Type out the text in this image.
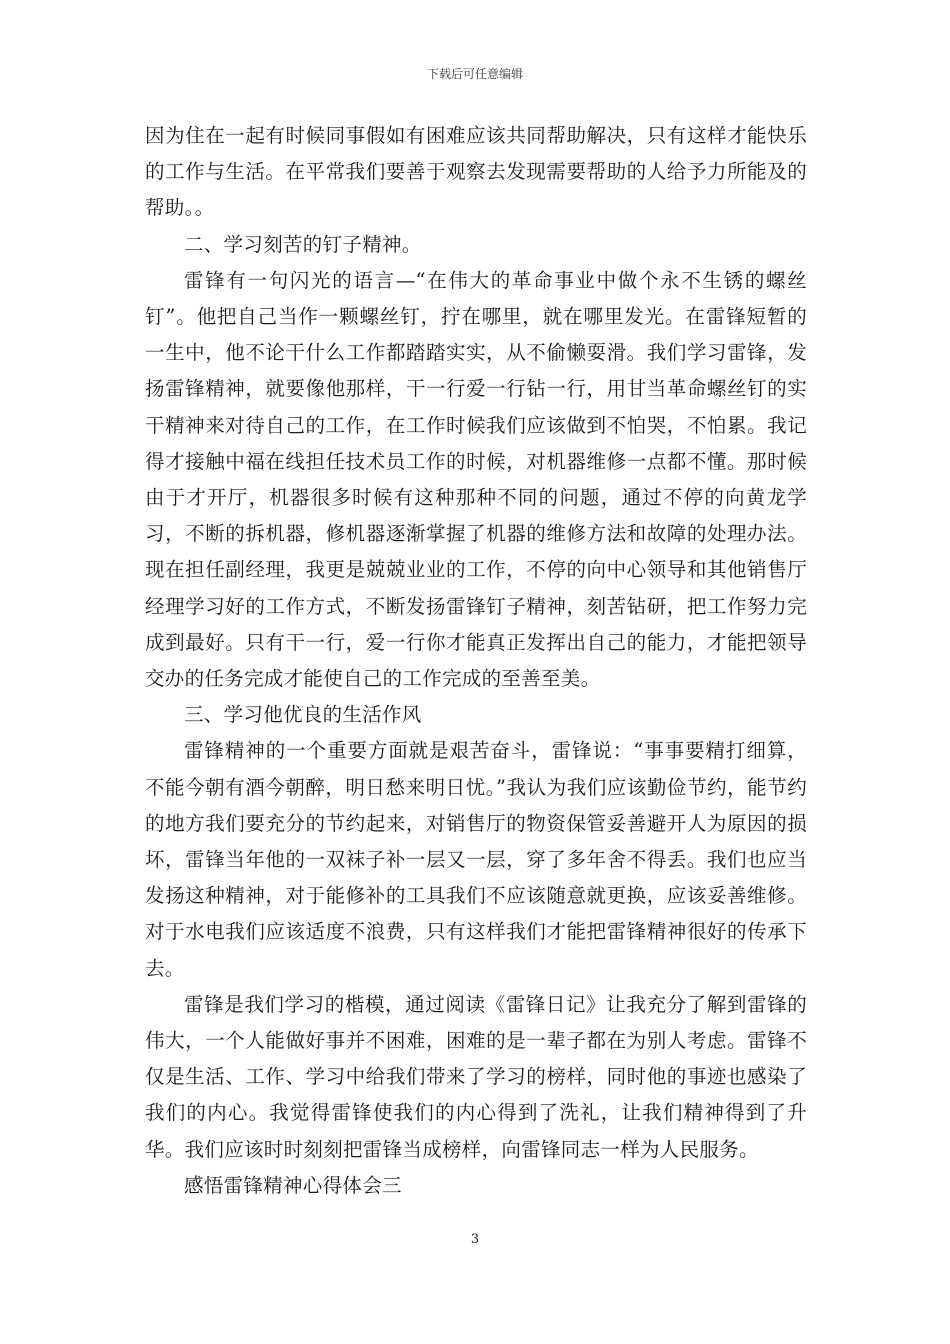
下载后可任意编辑

因为住在一起有时候同事假如有困难应该共同帮助解决，只有这样才能快乐的工作与生活。在平常我们要善于观察去发现需要帮助的人给予力所能及的帮助。。

二、学习刻苦的钉子精神。

雷锋有一句闪光的语言—“在伟大的革命事业中做个永不生锈的螺丝钉”。他把自己当作一颗螺丝钉，拧在哪里，就在哪里发光。在雷锋短暂的一生中，他不论干什么工作都踏踏实实，从不偷懒耍滑。我们学习雷锋，发扬雷锋精神，就要像他那样，干一行爱一行钻一行，用甘当革命螺丝钉的实干精神来对待自己的工作，在工作时候我们应该做到不怕哭，不怕累。我记得才接触中福在线担任技术员工作的时候，对机器维修一点都不懂。那时候由于才开厅，机器很多时候有这种那种不同的问题，通过不停的向黄龙学习，不断的拆机器，修机器逐渐掌握了机器的维修方法和故障的处理办法。现在担任副经理，我更是兢兢业业的工作，不停的向中心领导和其他销售厅经理学习好的工作方式，不断发扬雷锋钉子精神，刻苦钻研，把工作努力完成到最好。只有干一行，爱一行你才能真正发挥出自己的能力，才能把领导交办的任务完成才能使自己的工作完成的至善至美。

三、学习他优良的生活作风

雷锋精神的一个重要方面就是艰苦奋斗，雷锋说：“事事要精打细算，不能今朝有酒今朝醉，明日愁来明日忧。”我认为我们应该勤俭节约，能节约的地方我们要充分的节约起来，对销售厅的物资保管妥善避开人为原因的损坏，雷锋当年他的一双袜子补一层又一层，穿了多年舍不得丢。我们也应当发扬这种精神，对于能修补的工具我们不应该随意就更换，应该妥善维修。对于水电我们应该适度不浪费，只有这样我们才能把雷锋精神很好的传承下去。

雷锋是我们学习的楷模，通过阅读《雷锋日记》让我充分了解到雷锋的伟大，一个人能做好事并不困难，困难的是一辈子都在为别人考虑。雷锋不仅是生活、工作、学习中给我们带来了学习的榜样，同时他的事迹也感染了我们的内心。我觉得雷锋使我们的内心得到了洗礼，让我们精神得到了升华。我们应该时时刻刻把雷锋当成榜样，向雷锋同志一样为人民服务。

感悟雷锋精神心得体会三

3
